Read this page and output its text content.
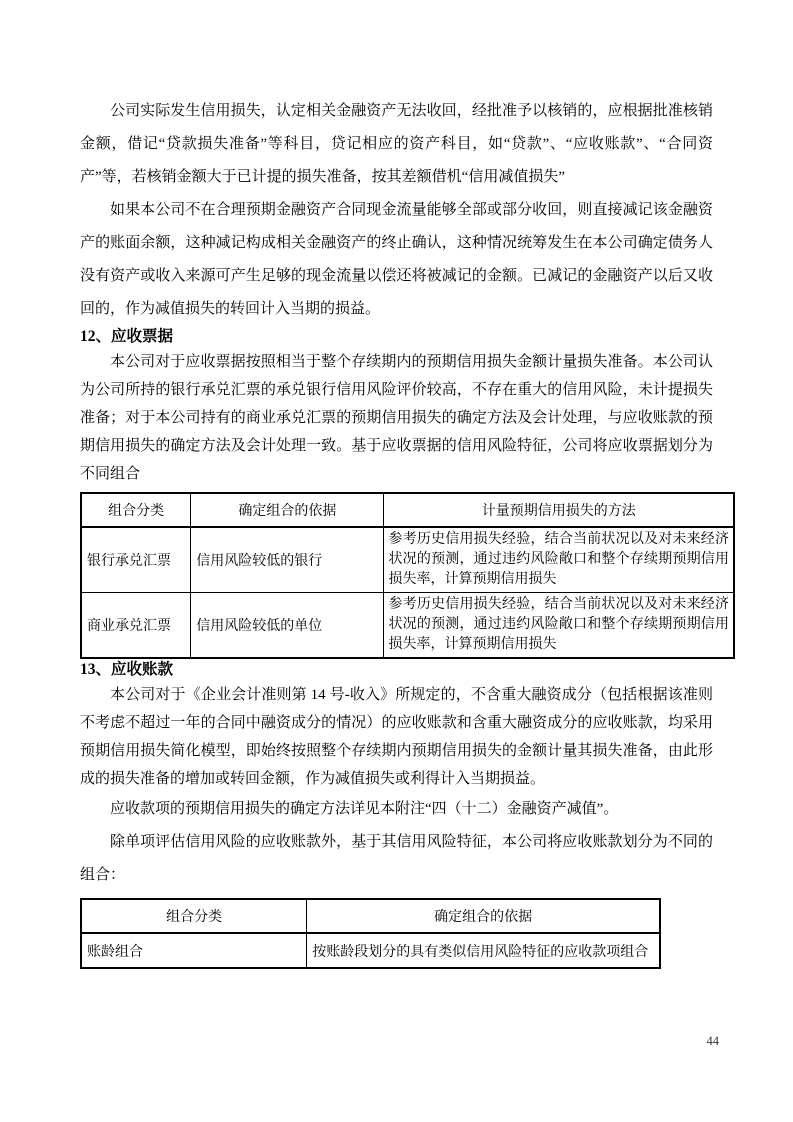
公司实际发生信用损失，认定相关金融资产无法收回，经批准予以核销的，应根据批准核销金额，借记“贷款损失准备”等科目，贷记相应的资产科目，如“贷款”、“应收账款”、“合同资产”等，若核销金额大于已计提的损失准备，按其差额借机“信用减值损失”

如果本公司不在合理预期金融资产合同现金流量能够全部或部分收回，则直接减记该金融资产的账面余额，这种减记构成相关金融资产的终止确认，这种情况统筹发生在本公司确定债务人没有资产或收入来源可产生足够的现金流量以偿还将被减记的金额。已减记的金融资产以后又收回的，作为减值损失的转回计入当期的损益。

12、应收票据

本公司对于应收票据按照相当于整个存续期内的预期信用损失金额计量损失准备。本公司认为公司所持的银行承兑汇票的承兑银行信用风险评价较高，不存在重大的信用风险，未计提损失准备；对于本公司持有的商业承兑汇票的预期信用损失的确定方法及会计处理，与应收账款的预期信用损失的确定方法及会计处理一致。基于应收票据的信用风险特征，公司将应收票据划分为不同组合

组合分类	确定组合的依据	计量预期信用损失的方法
银行承兑汇票	信用风险较低的银行	参考历史信用损失经验，结合当前状况以及对未来经济状况的预测，通过违约风险敞口和整个存续期预期信用损失率，计算预期信用损失
商业承兑汇票	信用风险较低的单位	参考历史信用损失经验，结合当前状况以及对未来经济状况的预测，通过违约风险敞口和整个存续期预期信用损失率，计算预期信用损失
13、应收账款

本公司对于《企业会计准则第 14 号-收入》所规定的，不含重大融资成分（包括根据该准则不考虑不超过一年的合同中融资成分的情况）的应收账款和含重大融资成分的应收账款，均采用预期信用损失简化模型，即始终按照整个存续期内预期信用损失的金额计量其损失准备，由此形成的损失准备的增加或转回金额，作为减值损失或利得计入当期损益。

应收款项的预期信用损失的确定方法详见本附注“四（十二）金融资产减值”。

除单项评估信用风险的应收账款外，基于其信用风险特征，本公司将应收账款划分为不同的组合：

组合分类	确定组合的依据
账龄组合	按账龄段划分的具有类似信用风险特征的应收款项组合
44
